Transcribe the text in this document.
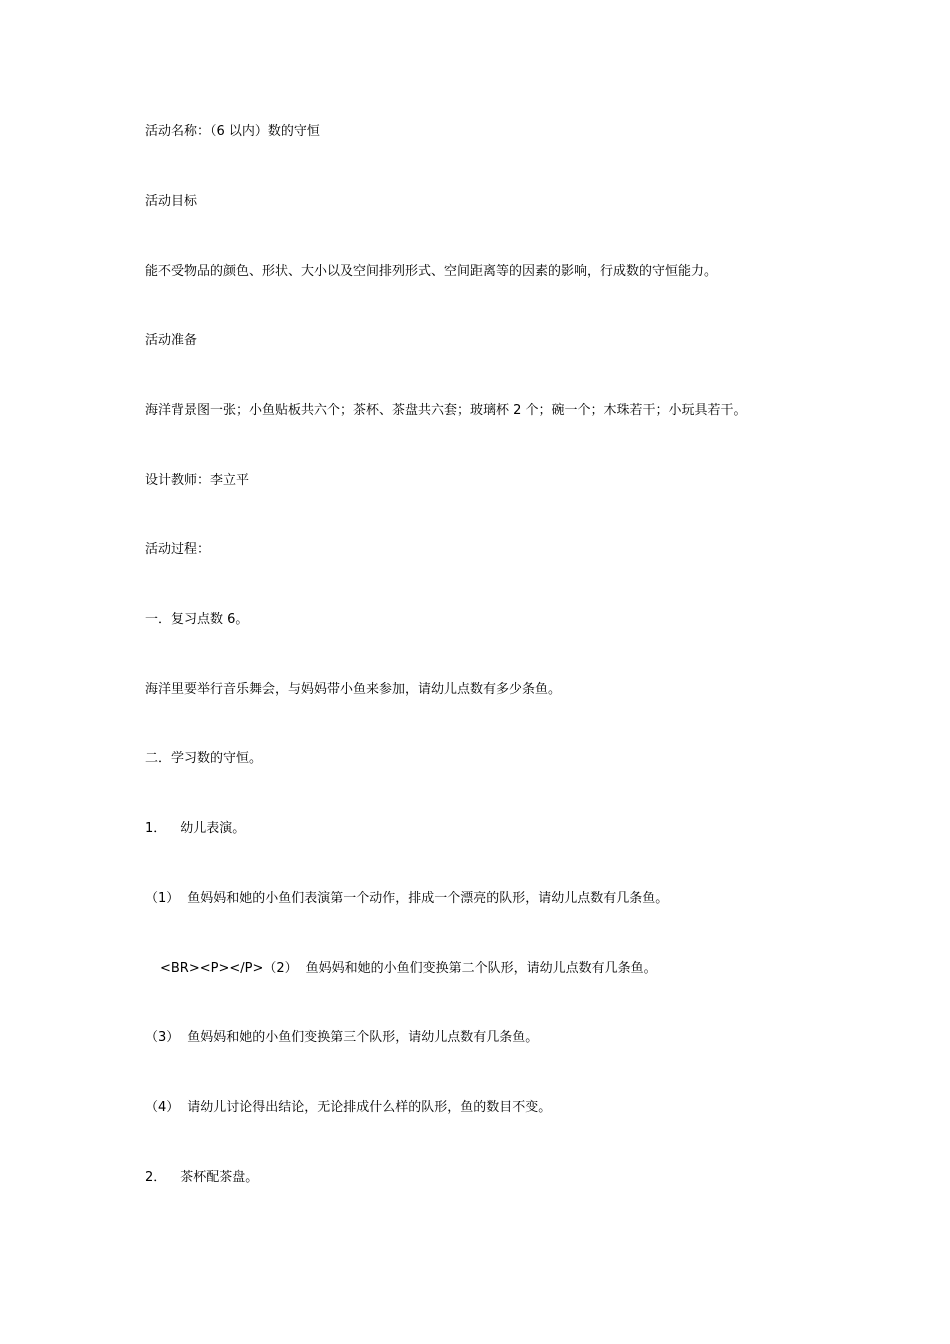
活动名称：（6 以内）数的守恒
活动目标
能不受物品的颜色、形状、大小以及空间排列形式、空间距离等的因素的影响，行成数的守恒能力。
活动准备
海洋背景图一张；小鱼贴板共六个；茶杯、茶盘共六套；玻璃杯 2 个；碗一个；木珠若干；小玩具若干。
设计教师：李立平
活动过程：
一．复习点数 6。
海洋里要举行音乐舞会，与妈妈带小鱼来参加，请幼儿点数有多少条鱼。
二．学习数的守恒。
1． 幼儿表演。
（1） 鱼妈妈和她的小鱼们表演第一个动作，排成一个漂亮的队形，请幼儿点数有几条鱼。
<BR><P></P>（2） 鱼妈妈和她的小鱼们变换第二个队形，请幼儿点数有几条鱼。
（3） 鱼妈妈和她的小鱼们变换第三个队形，请幼儿点数有几条鱼。
（4） 请幼儿讨论得出结论，无论排成什么样的队形，鱼的数目不变。
2． 茶杯配茶盘。
